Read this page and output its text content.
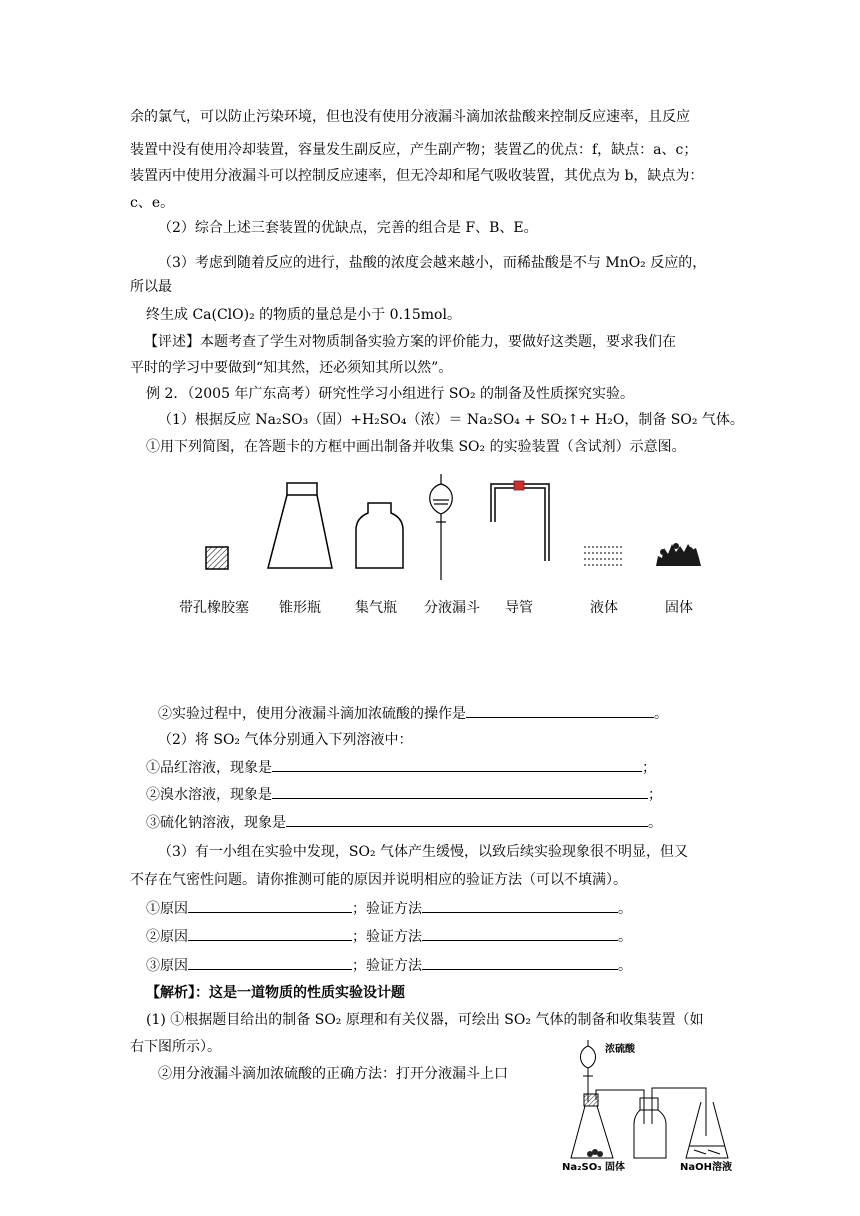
余的氯气，可以防止污染环境，但也没有使用分液漏斗滴加浓盐酸来控制反应速率，且反应
装置中没有使用冷却装置，容量发生副反应，产生副产物；装置乙的优点：f，缺点：a、c；
装置丙中使用分液漏斗可以控制反应速率，但无冷却和尾气吸收装置，其优点为 b，缺点为：
c、e。
（2）综合上述三套装置的优缺点，完善的组合是 F、B、E。
（3）考虑到随着反应的进行，盐酸的浓度会越来越小，而稀盐酸是不与 MnO₂ 反应的，
所以最
终生成 Ca(ClO)₂ 的物质的量总是小于 0.15mol。
【评述】本题考查了学生对物质制备实验方案的评价能力，要做好这类题，要求我们在
平时的学习中要做到“知其然，还必须知其所以然”。
例 2．（2005 年广东高考）研究性学习小组进行 SO₂ 的制备及性质探究实验。
（1）根据反应 Na₂SO₃（固）+H₂SO₄（浓）＝ Na₂SO₄ + SO₂↑+ H₂O，制备 SO₂ 气体。
①用下列简图，在答题卡的方框中画出制备并收集 SO₂ 的实验装置（含试剂）示意图。
带孔橡胶塞 锥形瓶 集气瓶 分液漏斗 导管	液体	固体
②实验过程中，使用分液漏斗滴加浓硫酸的操作是	。
（2）将 SO₂ 气体分别通入下列溶液中：
①品红溶液，现象是	；
②溴水溶液，现象是	；
③硫化钠溶液，现象是	。
（3）有一小组在实验中发现，SO₂ 气体产生缓慢，以致后续实验现象很不明显，但又
不存在气密性问题。请你推测可能的原因并说明相应的验证方法（可以不填满）。
①原因	；验证方法	。
②原因	；验证方法	。
③原因	；验证方法	。
【解析】：这是一道物质的性质实验设计题
(1) ①根据题目给出的制备 SO₂ 原理和有关仪器，可绘出 SO₂ 气体的制备和收集装置（如
右下图所示）。
②用分液漏斗滴加浓硫酸的正确方法：打开分液漏斗上口
浓硫酸
Na₂SO₃ 固体	NaOH溶液
